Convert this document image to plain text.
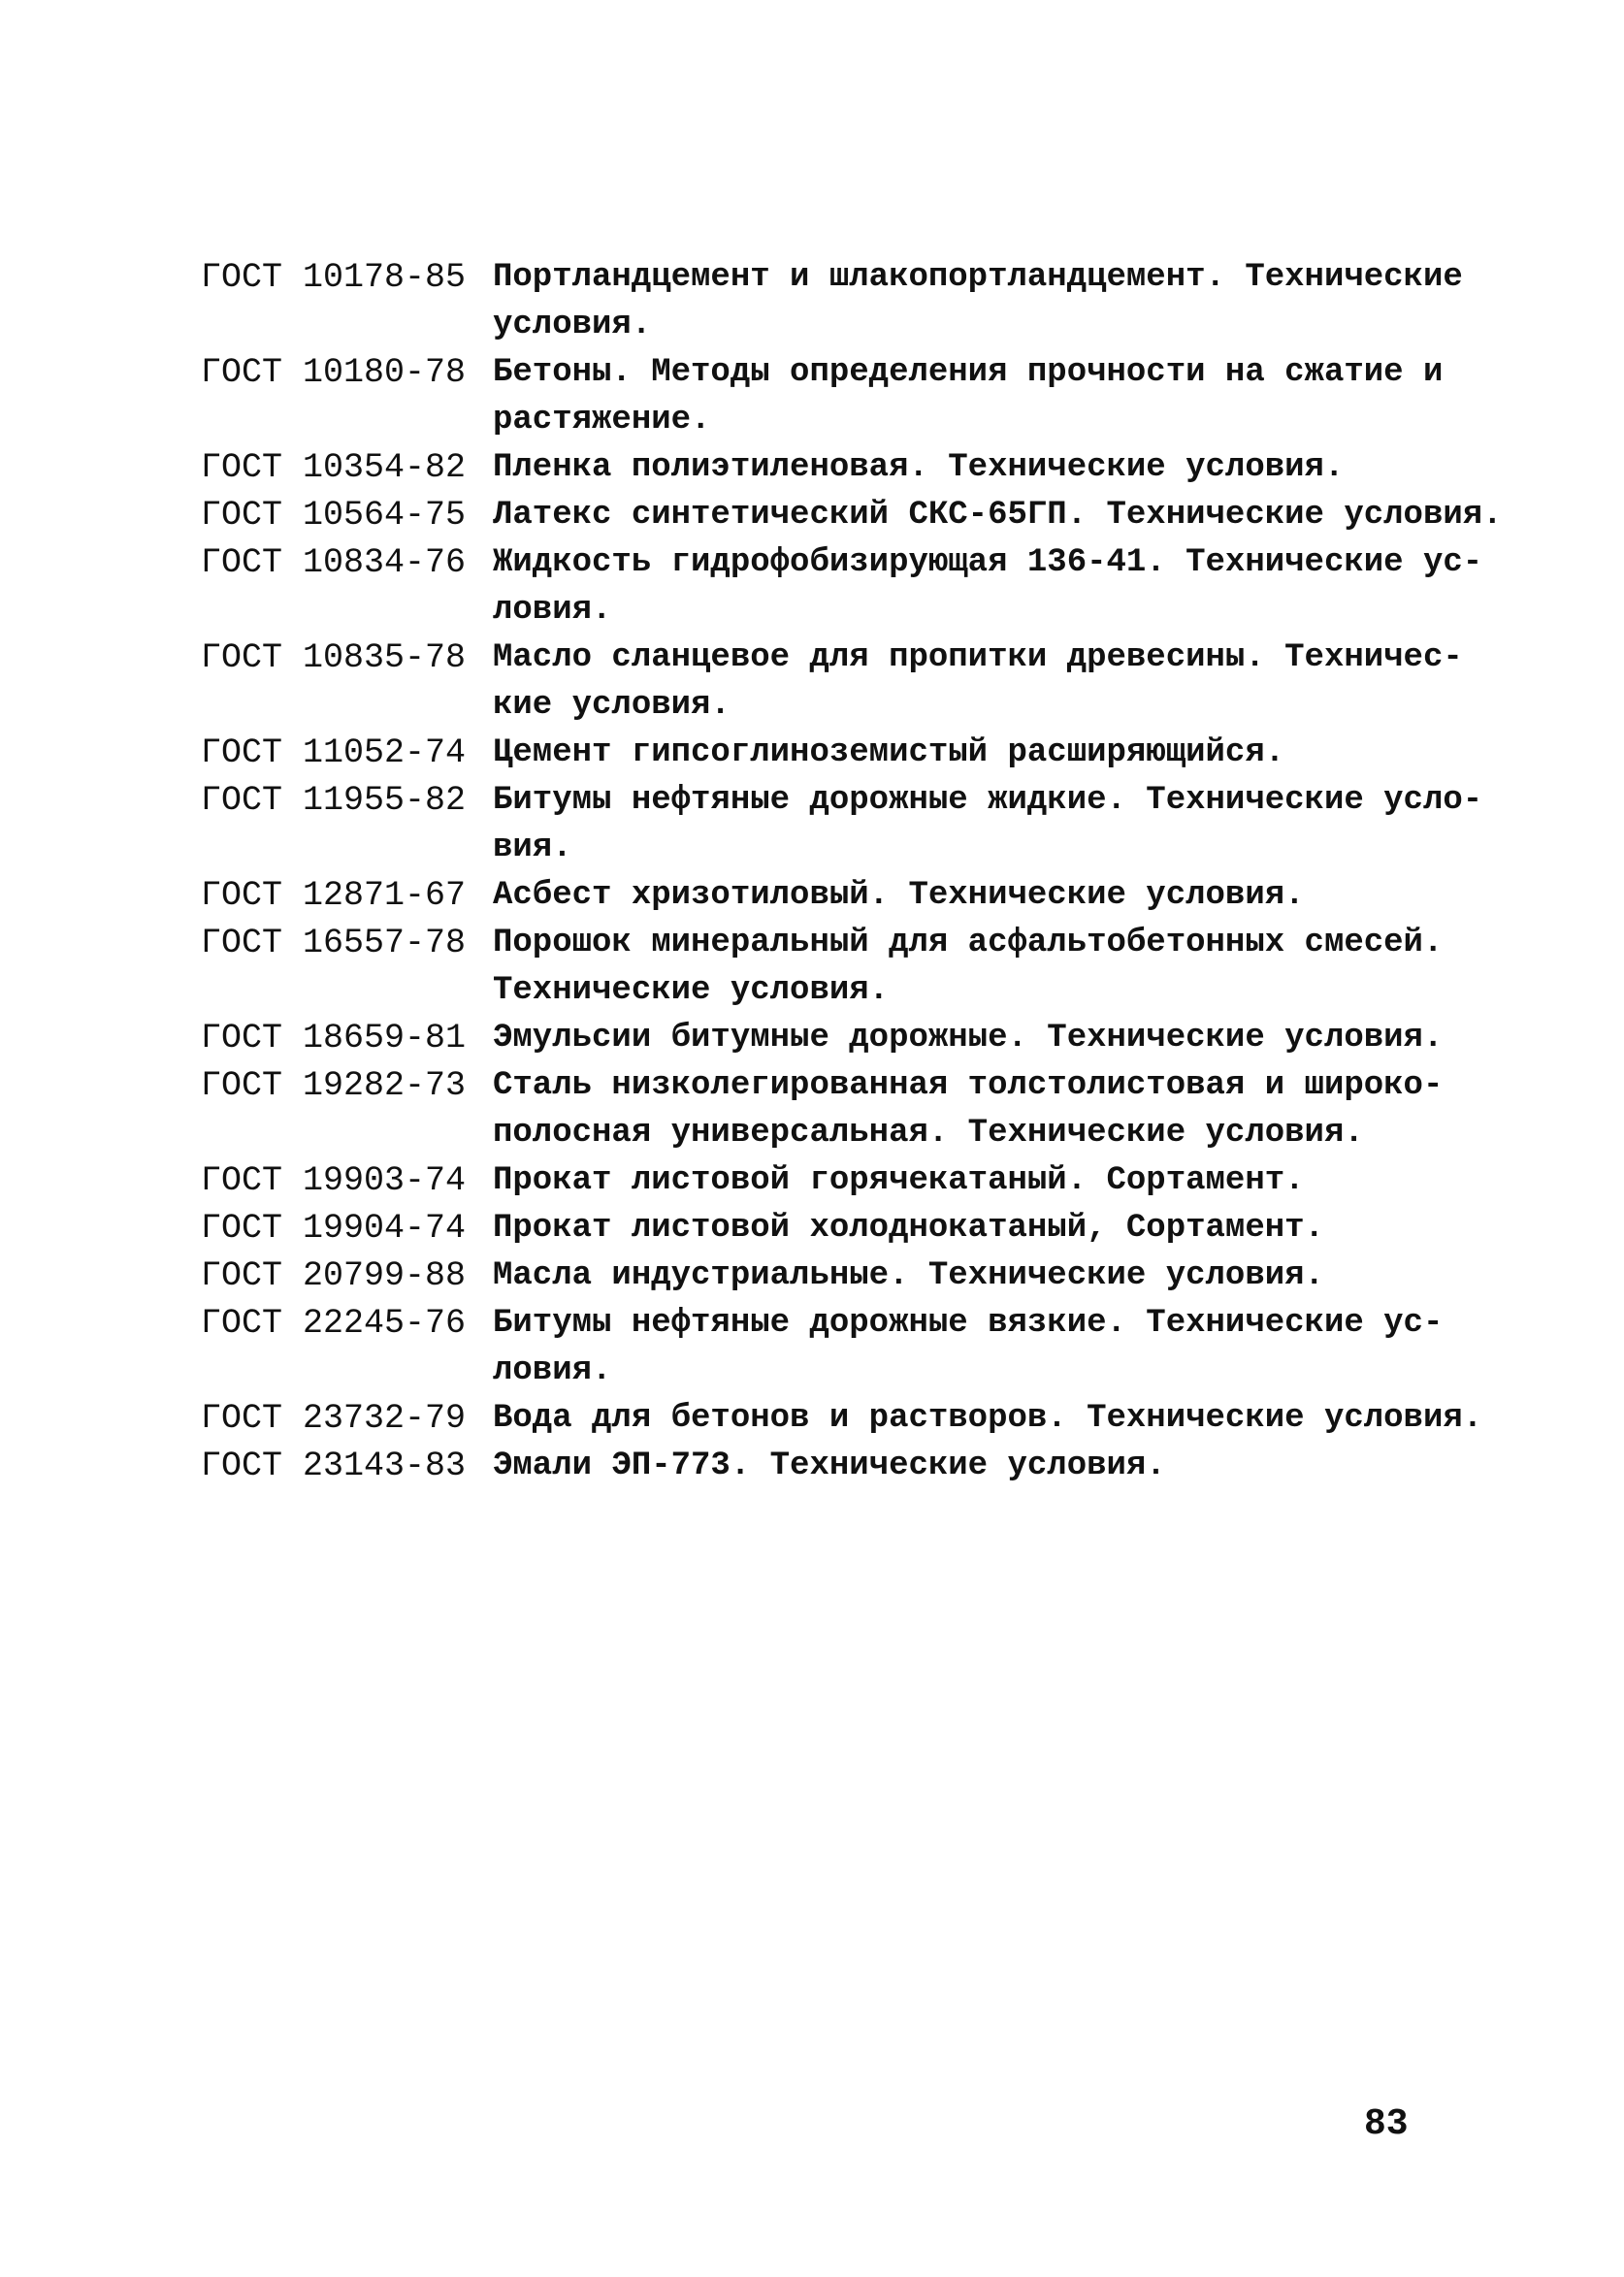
ГОСТ 10178-85 Портландцемент и шлакопортландцемент. Технические
условия.
ГОСТ 10180-78 Бетоны. Методы определения прочности на сжатие и
растяжение.
ГОСТ 10354-82 Пленка полиэтиленовая. Технические условия.
ГОСТ 10564-75 Латекс синтетический СКС-65ГП. Технические условия.
ГОСТ 10834-76 Жидкость гидрофобизирующая 136-41. Технические ус-
ловия.
ГОСТ 10835-78 Масло сланцевое для пропитки древесины. Техничес-
кие условия.
ГОСТ 11052-74 Цемент гипсоглиноземистый расширяющийся.
ГОСТ 11955-82 Битумы нефтяные дорожные жидкие. Технические усло-
вия.
ГОСТ 12871-67 Асбест хризотиловый. Технические условия.
ГОСТ 16557-78 Порошок минеральный для асфальтобетонных смесей.
Технические условия.
ГОСТ 18659-81 Эмульсии битумные дорожные. Технические условия.
ГОСТ 19282-73 Сталь низколегированная толстолистовая и широко-
полосная универсальная. Технические условия.
ГОСТ 19903-74 Прокат листовой горячекатаный. Сортамент.
ГОСТ 19904-74 Прокат листовой холоднокатаный, Сортамент.
ГОСТ 20799-88 Масла индустриальные. Технические условия.
ГОСТ 22245-76 Битумы нефтяные дорожные вязкие. Технические ус-
ловия.
ГОСТ 23732-79 Вода для бетонов и растворов. Технические условия.
ГОСТ 23143-83 Эмали ЭП-773. Технические условия.
83
